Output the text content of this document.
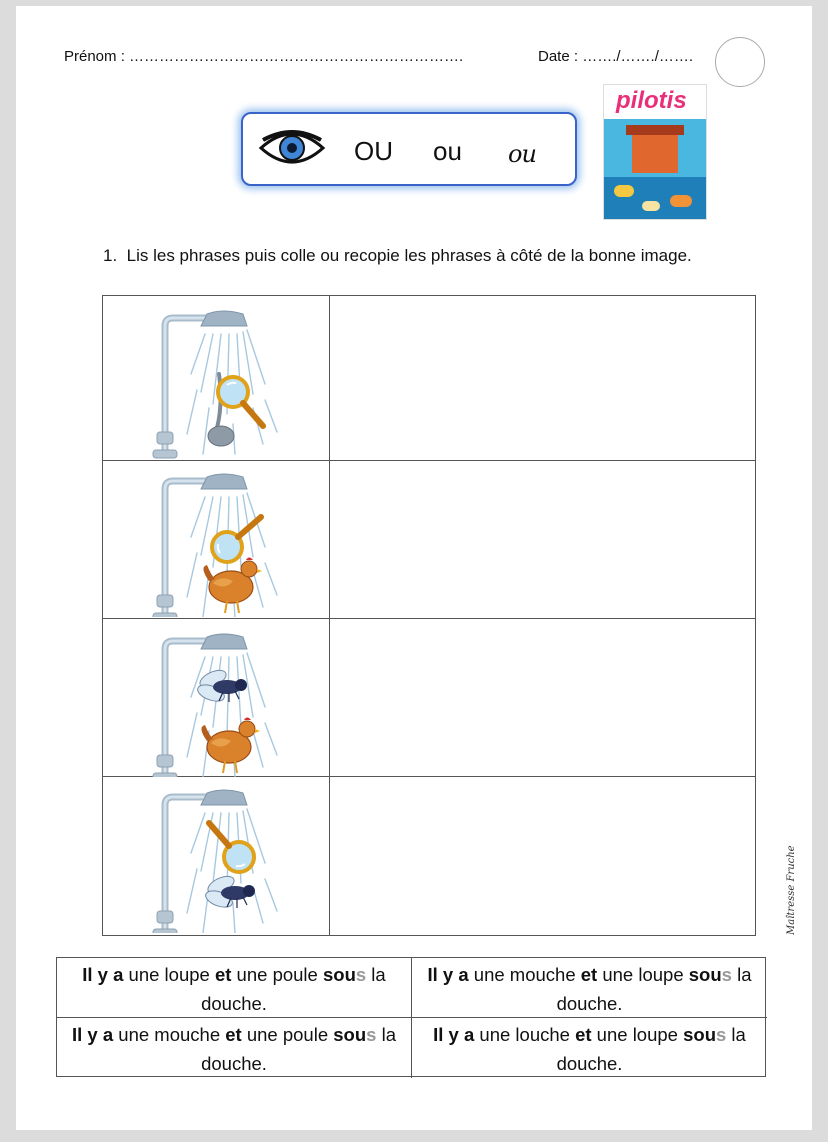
Prénom : ………………………………………………………….	Date : ……./……./…….
OU ou ou
pilotis
1. Lis les phrases puis colle ou recopie les phrases à côté de la bonne image.
Il y a une loupe et une poule sous la douche.
Il y a une mouche et une loupe sous la douche.
Il y a une mouche et une poule sous la douche.
Il y a une louche et une loupe sous la douche.
Maîtresse Fruche
